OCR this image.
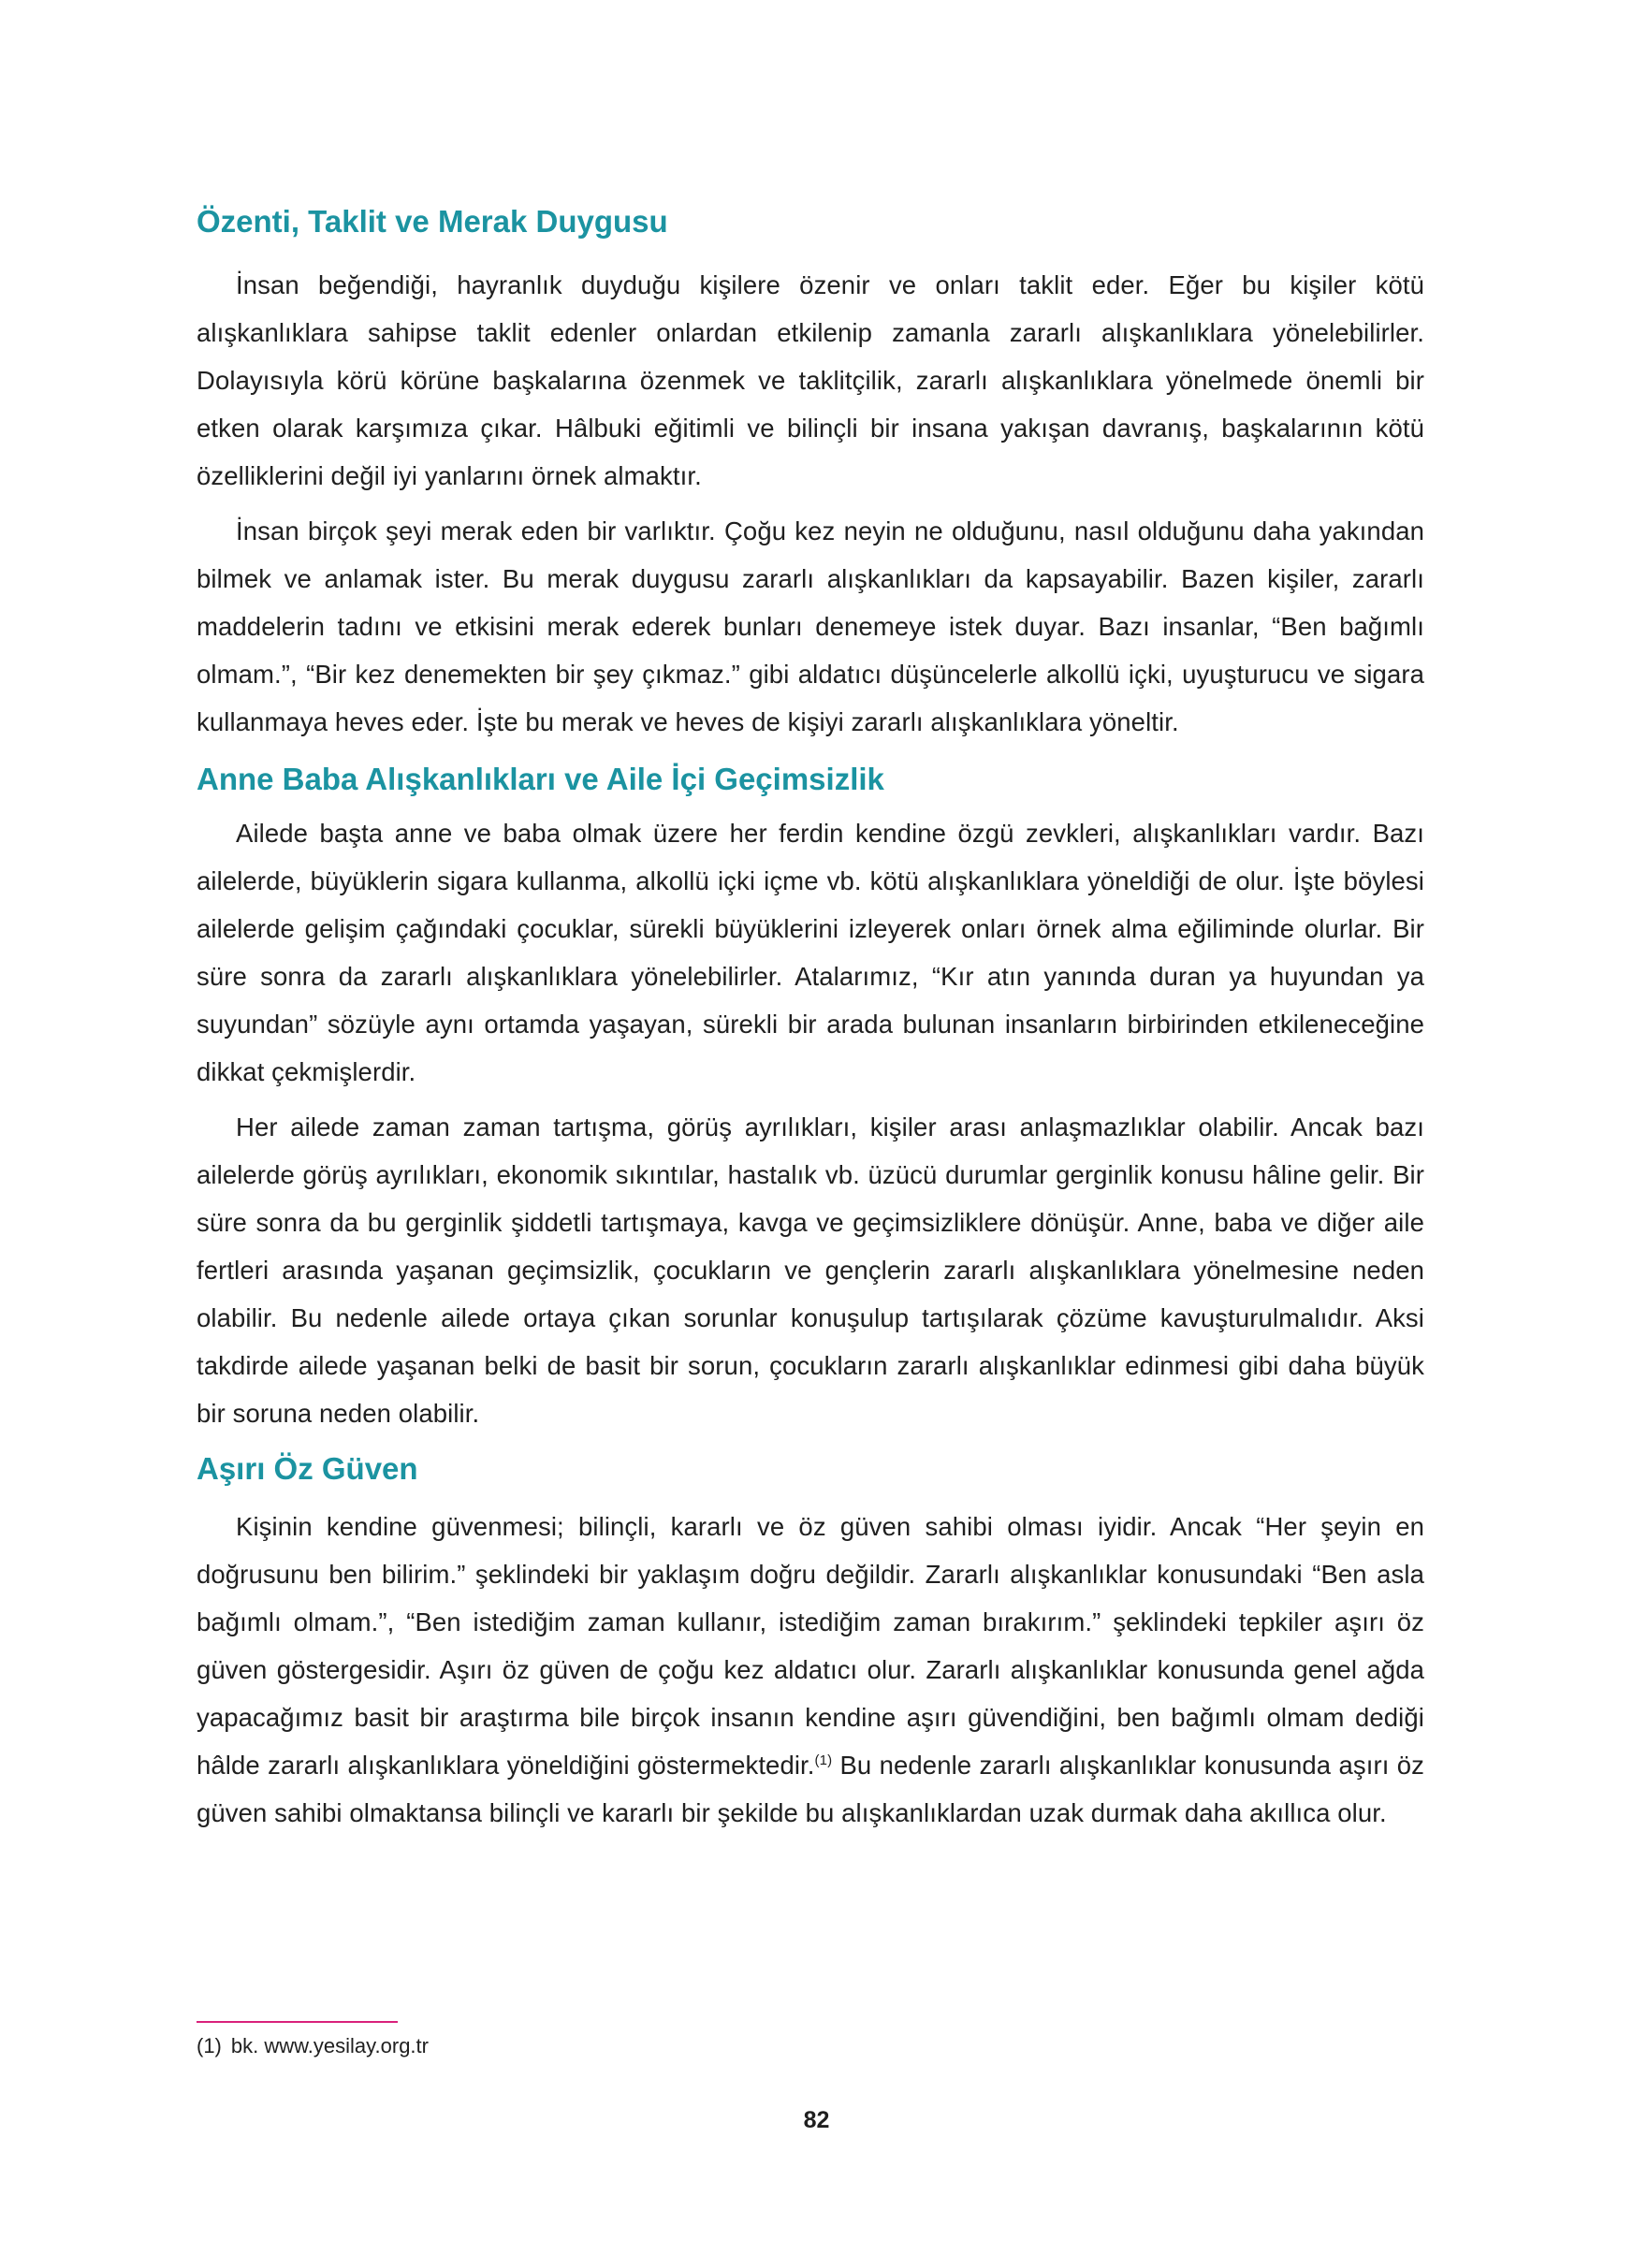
Özenti, Taklit ve Merak Duygusu

İnsan beğendiği, hayranlık duyduğu kişilere özenir ve onları taklit eder. Eğer bu kişiler kötü alışkanlıklara sahipse taklit edenler onlardan etkilenip zamanla zararlı alışkanlıklara yönelebilirler. Dolayısıyla körü körüne başkalarına özenmek ve taklitçilik, zararlı alışkanlıklara yönelmede önemli bir etken olarak karşımıza çıkar. Hâlbuki eğitimli ve bilinçli bir insana yakışan davranış, başkalarının kötü özelliklerini değil iyi yanlarını örnek almaktır.

İnsan birçok şeyi merak eden bir varlıktır. Çoğu kez neyin ne olduğunu, nasıl olduğunu daha yakından bilmek ve anlamak ister. Bu merak duygusu zararlı alışkanlıkları da kapsayabilir. Bazen kişiler, zararlı maddelerin tadını ve etkisini merak ederek bunları denemeye istek duyar. Bazı insanlar, “Ben bağımlı olmam.”, “Bir kez denemekten bir şey çıkmaz.” gibi aldatıcı düşüncelerle alkollü içki, uyuşturucu ve sigara kullanmaya heves eder. İşte bu merak ve heves de kişiyi zararlı alışkanlıklara yöneltir.

Anne Baba Alışkanlıkları ve Aile İçi Geçimsizlik

Ailede başta anne ve baba olmak üzere her ferdin kendine özgü zevkleri, alışkanlıkları vardır. Bazı ailelerde, büyüklerin sigara kullanma, alkollü içki içme vb. kötü alışkanlıklara yöneldiği de olur. İşte böylesi ailelerde gelişim çağındaki çocuklar, sürekli büyüklerini izleyerek onları örnek alma eğiliminde olurlar. Bir süre sonra da zararlı alışkanlıklara yönelebilirler. Atalarımız, “Kır atın yanında duran ya huyundan ya suyundan” sözüyle aynı ortamda yaşayan, sürekli bir arada bulunan insanların birbirinden etkileneceğine dikkat çekmişlerdir.

Her ailede zaman zaman tartışma, görüş ayrılıkları, kişiler arası anlaşmazlıklar olabilir. Ancak bazı ailelerde görüş ayrılıkları, ekonomik sıkıntılar, hastalık vb. üzücü durumlar gerginlik konusu hâline gelir. Bir süre sonra da bu gerginlik şiddetli tartışmaya, kavga ve geçimsizliklere dönüşür. Anne, baba ve diğer aile fertleri arasında yaşanan geçimsizlik, çocukların ve gençlerin zararlı alışkanlıklara yönelmesine neden olabilir. Bu nedenle ailede ortaya çıkan sorunlar konuşulup tartışılarak çözüme kavuşturulmalıdır. Aksi takdirde ailede yaşanan belki de basit bir sorun, çocukların zararlı alışkanlıklar edinmesi gibi daha büyük bir soruna neden olabilir.

Aşırı Öz Güven

Kişinin kendine güvenmesi; bilinçli, kararlı ve öz güven sahibi olması iyidir. Ancak “Her şeyin en doğrusunu ben bilirim.” şeklindeki bir yaklaşım doğru değildir. Zararlı alışkanlıklar konusundaki “Ben asla bağımlı olmam.”, “Ben istediğim zaman kullanır, istediğim zaman bırakırım.” şeklindeki tepkiler aşırı öz güven göstergesidir. Aşırı öz güven de çoğu kez aldatıcı olur. Zararlı alışkanlıklar konusunda genel ağda yapacağımız basit bir araştırma bile birçok insanın kendine aşırı güvendiğini, ben bağımlı olmam dediği hâlde zararlı alışkanlıklara yöneldiğini göstermektedir.$^{(1)}$ Bu nedenle zararlı alışkanlıklar konusunda aşırı öz güven sahibi olmaktansa bilinçli ve kararlı bir şekilde bu alışkanlıklardan uzak durmak daha akıllıca olur.

(1) bk. www.yesilay.org.tr
82
